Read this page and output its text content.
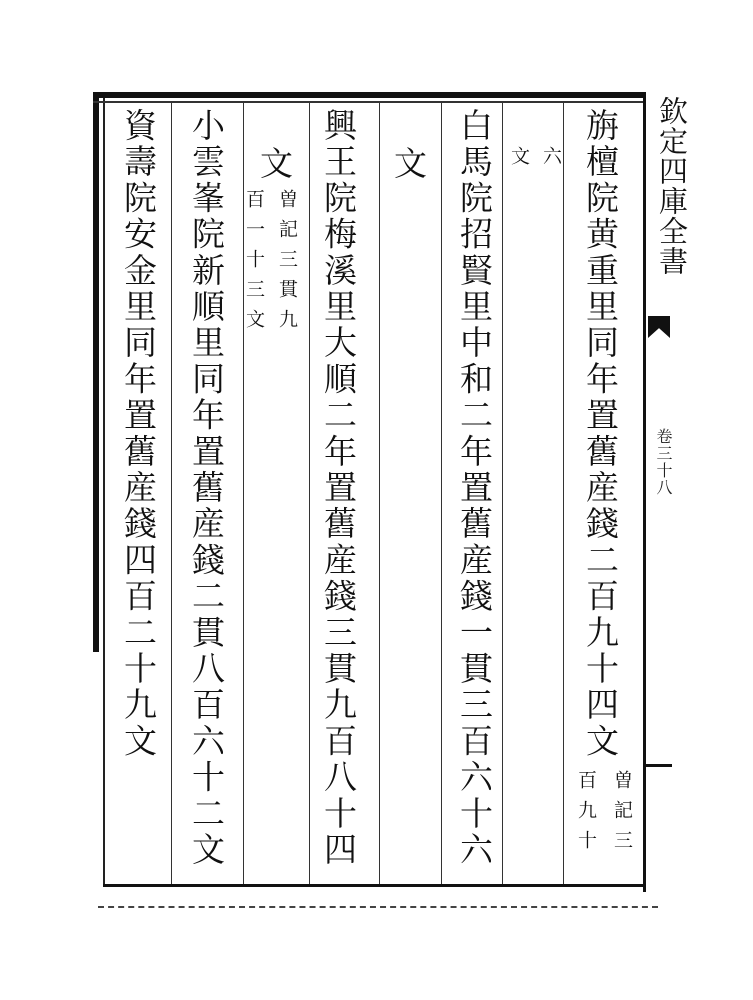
欽定四庫全書

卷三十八

旃檀院黄重里同年置舊産錢二百九十四文

曽記三

百九十

六

文

白馬院招賢里中和二年置舊産錢一貫三百六十六

文

興王院梅溪里大順二年置舊産錢三貫九百八十四

文

曽記三貫九

百一十三文

小雲峯院新順里同年置舊産錢二貫八百六十二文

資壽院安金里同年置舊産錢四百二十九文
